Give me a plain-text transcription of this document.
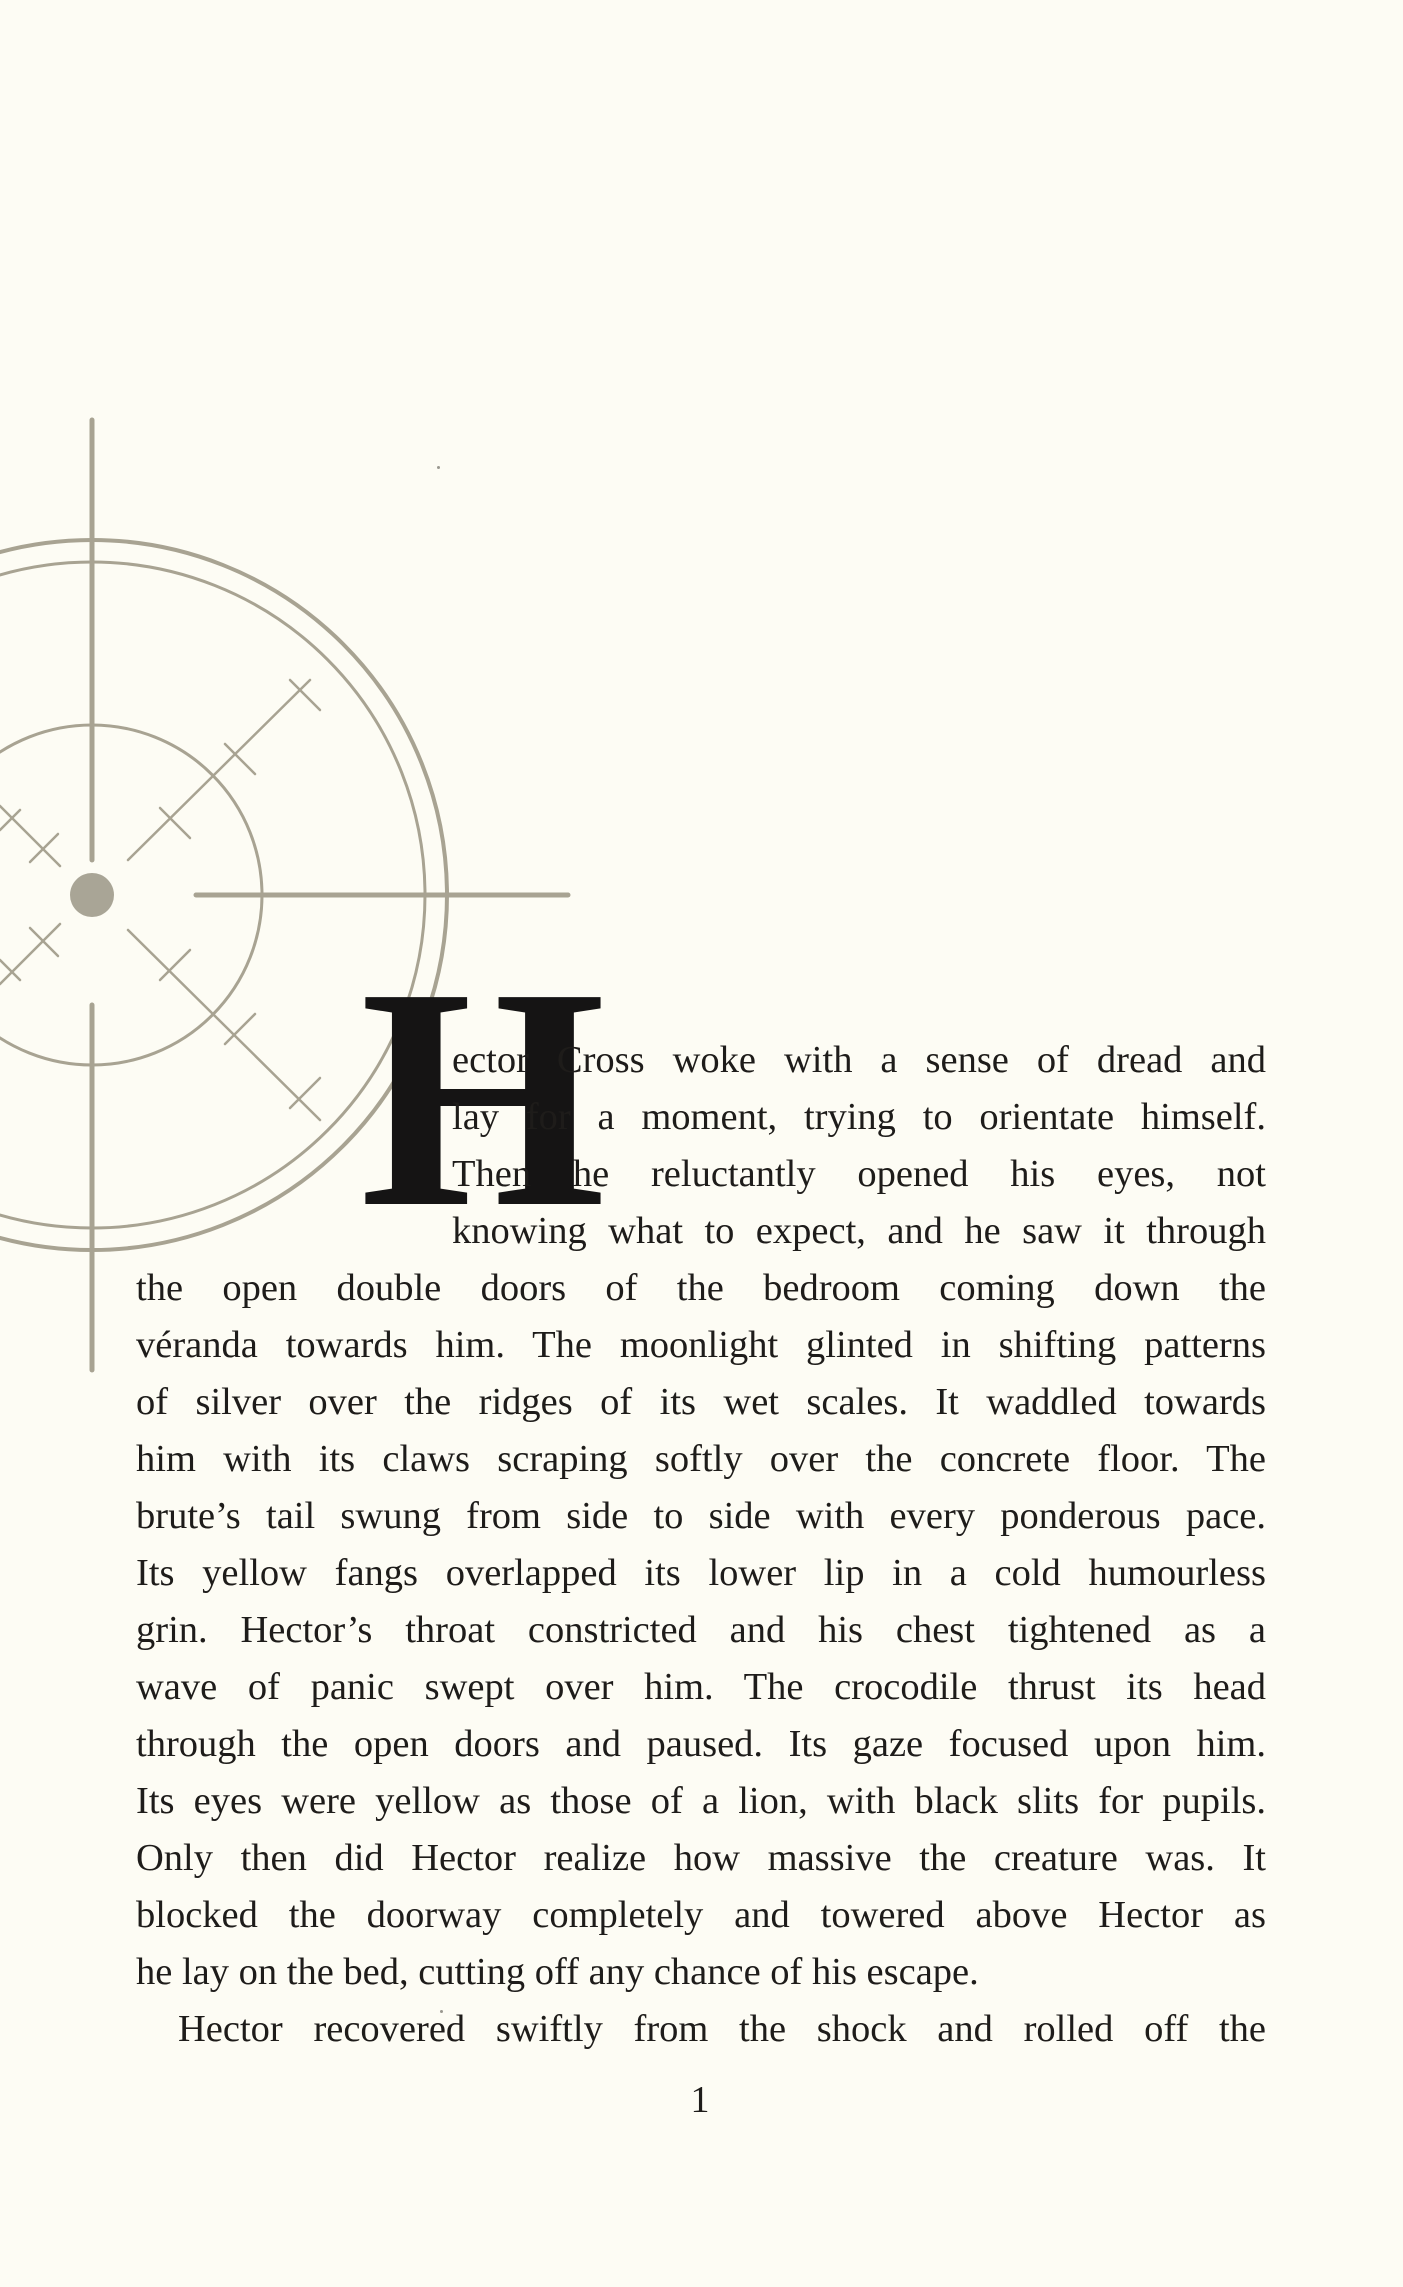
H
ector Cross woke with a sense of dread and
lay for a moment, trying to orientate himself.
Then he reluctantly opened his eyes, not
knowing what to expect, and he saw it through
the open double doors of the bedroom coming down the
véranda towards him. The moonlight glinted in shifting patterns
of silver over the ridges of its wet scales. It waddled towards
him with its claws scraping softly over the concrete floor. The
brute’s tail swung from side to side with every ponderous pace.
Its yellow fangs overlapped its lower lip in a cold humourless
grin. Hector’s throat constricted and his chest tightened as a
wave of panic swept over him. The crocodile thrust its head
through the open doors and paused. Its gaze focused upon him.
Its eyes were yellow as those of a lion, with black slits for pupils.
Only then did Hector realize how massive the creature was. It
blocked the doorway completely and towered above Hector as
he lay on the bed, cutting off any chance of his escape.
Hector recovered swiftly from the shock and rolled off the
1
